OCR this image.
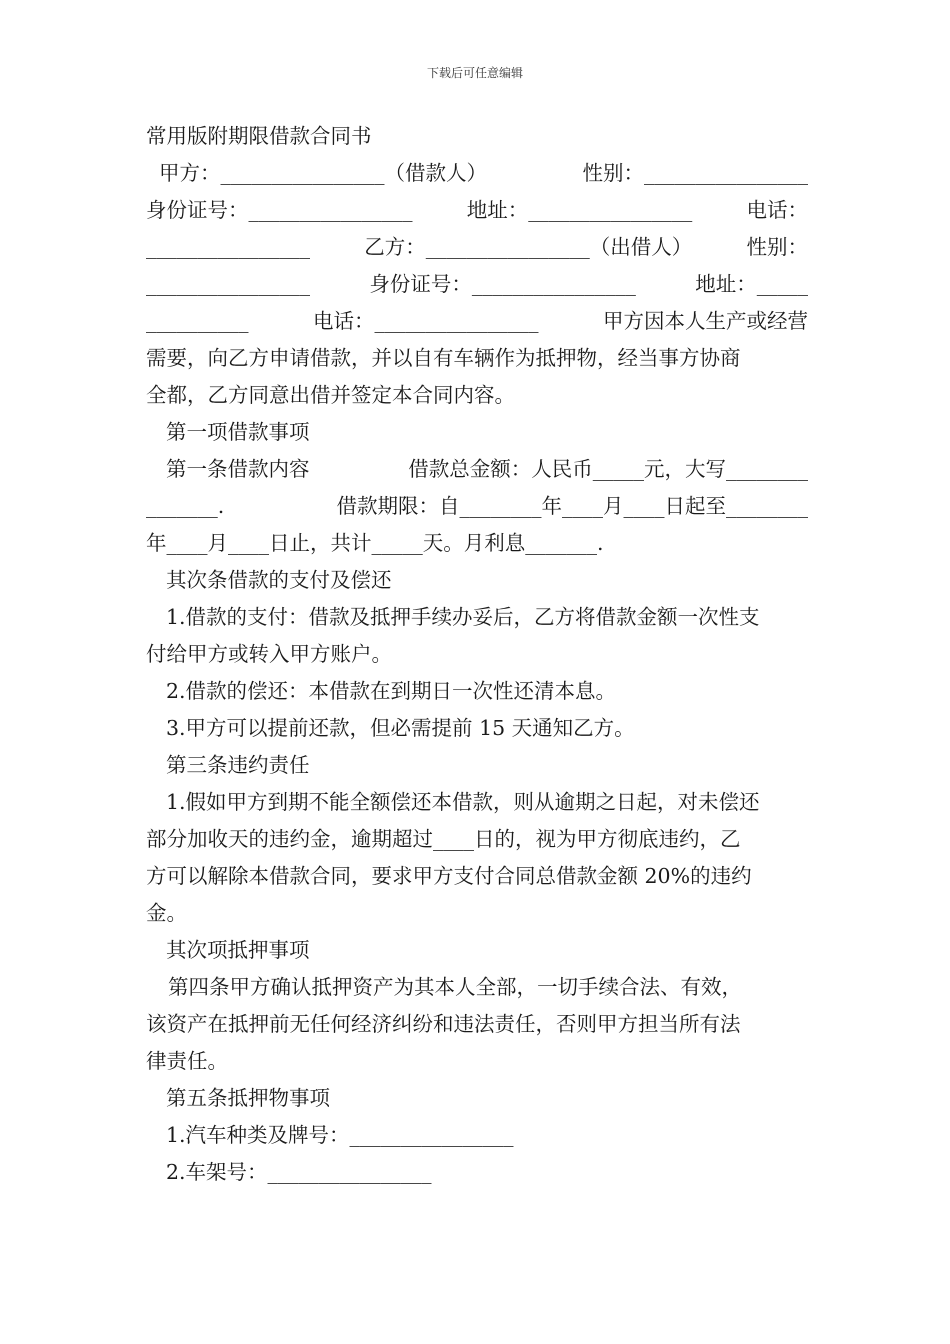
下载后可任意编辑
常用版附期限借款合同书
甲方：________________（借款人）	性别：________________
身份证号：________________	地址：________________	电话：
________________	乙方：________________（出借人）	性别：
________________	身份证号：________________	地址：_____
__________	电话：________________	甲方因本人生产或经营
需要，向乙方申请借款，并以自有车辆作为抵押物，经当事方协商
全都，乙方同意出借并签定本合同内容。
第一项借款事项
第一条借款内容	借款总金额：人民币_____元，大写________
_______.	借款期限：自________年____月____日起至________
年____月____日止，共计_____天。月利息_______.
其次条借款的支付及偿还
1.借款的支付：借款及抵押手续办妥后，乙方将借款金额一次性支
付给甲方或转入甲方账户。
2.借款的偿还：本借款在到期日一次性还清本息。
3.甲方可以提前还款，但必需提前 15 天通知乙方。
第三条违约责任
1.假如甲方到期不能全额偿还本借款，则从逾期之日起，对未偿还
部分加收天的违约金，逾期超过____日的，视为甲方彻底违约，乙
方可以解除本借款合同，要求甲方支付合同总借款金额 20%的违约
金。
其次项抵押事项
第四条甲方确认抵押资产为其本人全部，一切手续合法、有效，
该资产在抵押前无任何经济纠纷和违法责任，否则甲方担当所有法
律责任。
第五条抵押物事项
1.汽车种类及牌号：________________
2.车架号：________________
